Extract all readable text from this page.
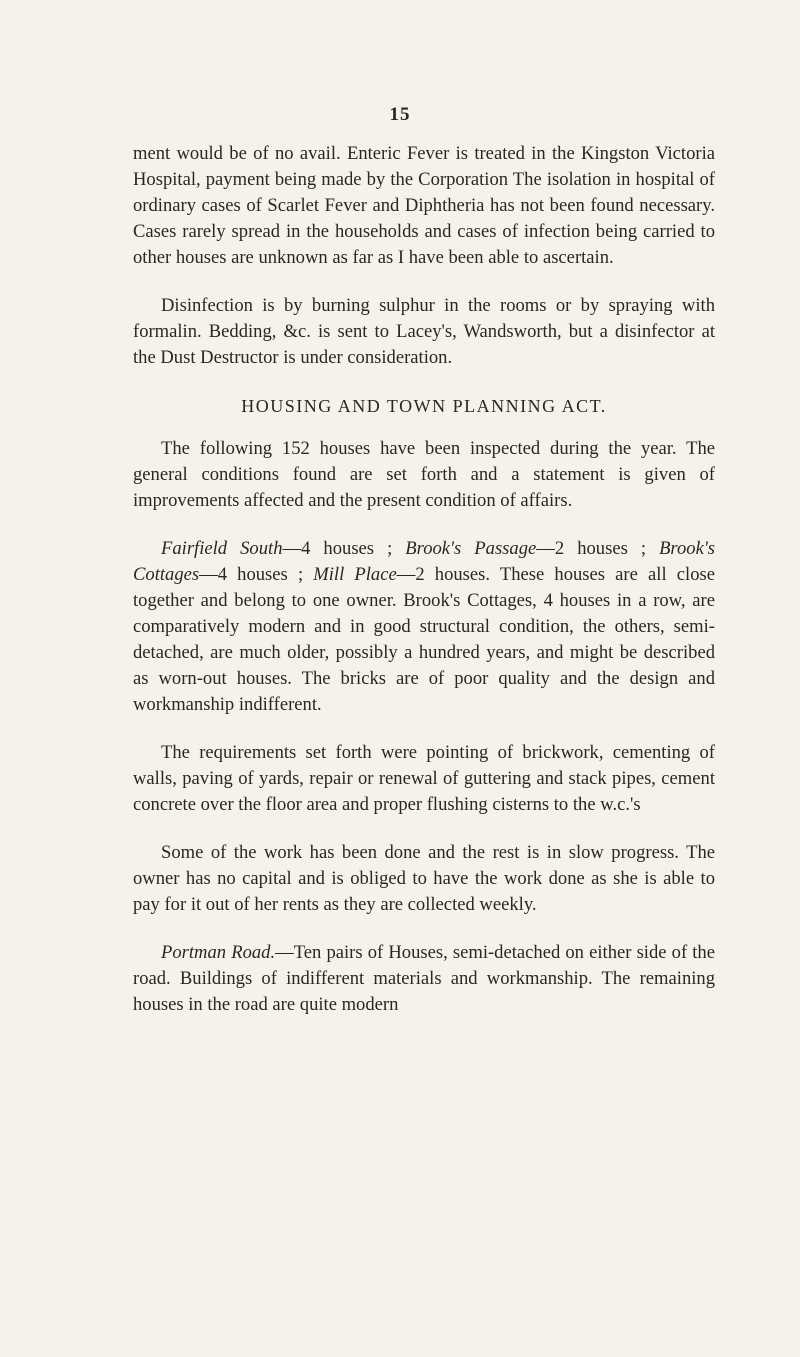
15

ment would be of no avail. Enteric Fever is treated in the Kingston Victoria Hospital, payment being made by the Corporation The isolation in hospital of ordinary cases of Scarlet Fever and Diphtheria has not been found necessary. Cases rarely spread in the households and cases of infection being carried to other houses are unknown as far as I have been able to ascertain.

Disinfection is by burning sulphur in the rooms or by spraying with formalin. Bedding, &c. is sent to Lacey's, Wandsworth, but a disinfector at the Dust Destructor is under consideration.

HOUSING AND TOWN PLANNING ACT.

The following 152 houses have been inspected during the year. The general conditions found are set forth and a statement is given of improvements affected and the present condition of affairs.

Fairfield South—4 houses ; Brook's Passage—2 houses ; Brook's Cottages—4 houses ; Mill Place—2 houses. These houses are all close together and belong to one owner. Brook's Cottages, 4 houses in a row, are comparatively modern and in good structural condition, the others, semi-detached, are much older, possibly a hundred years, and might be described as worn-out houses. The bricks are of poor quality and the design and workmanship indifferent.

The requirements set forth were pointing of brickwork, cementing of walls, paving of yards, repair or renewal of guttering and stack pipes, cement concrete over the floor area and proper flushing cisterns to the w.c.'s

Some of the work has been done and the rest is in slow progress. The owner has no capital and is obliged to have the work done as she is able to pay for it out of her rents as they are collected weekly.

Portman Road.—Ten pairs of Houses, semi-detached on either side of the road. Buildings of indifferent materials and workmanship. The remaining houses in the road are quite modern
